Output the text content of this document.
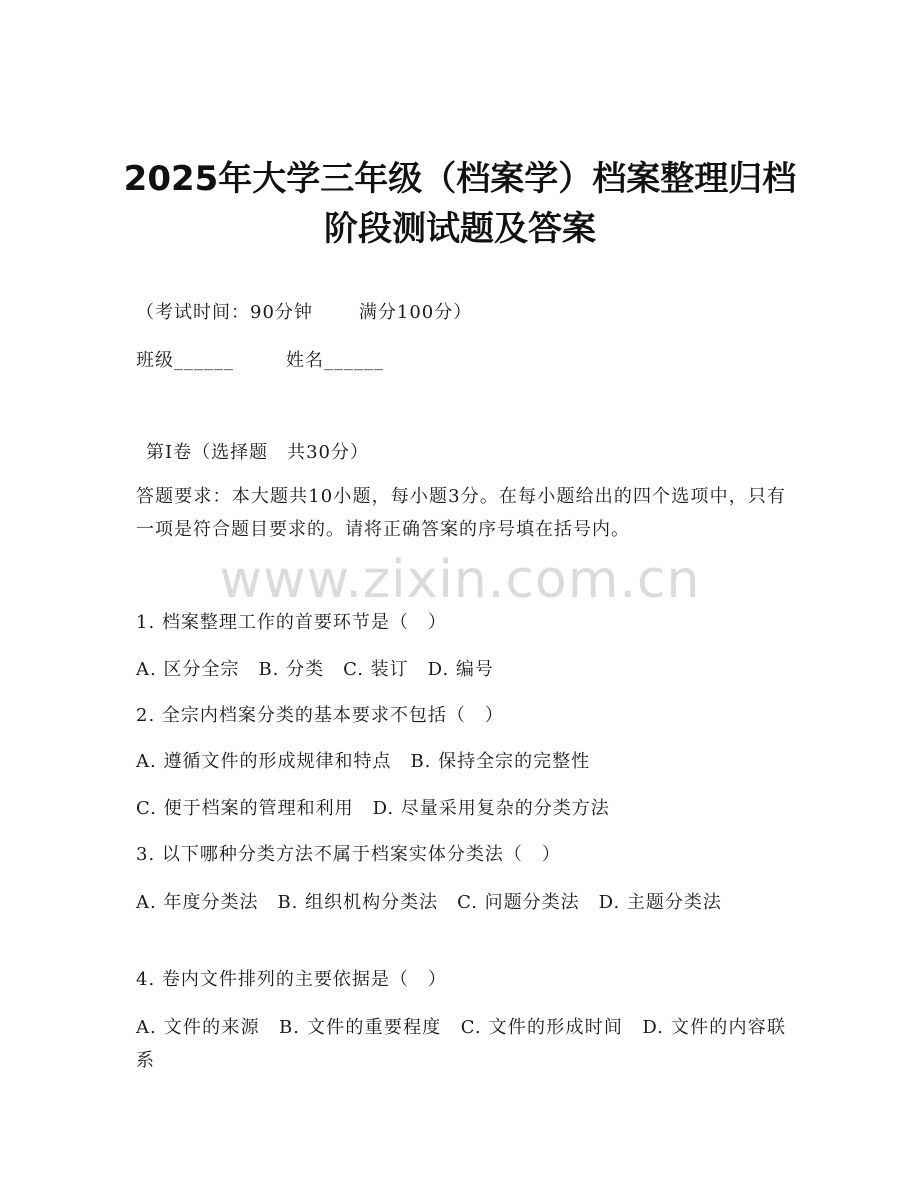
2025年大学三年级（档案学）档案整理归档
阶段测试题及答案
（考试时间：90分钟	满分100分）
班级______	姓名______
第I卷（选择题　共30分）
答题要求：本大题共10小题，每小题3分。在每小题给出的四个选项中，只有一项是符合题目要求的。请将正确答案的序号填在括号内。
1. 档案整理工作的首要环节是（　）
A. 区分全宗　B. 分类　C. 装订　D. 编号
2. 全宗内档案分类的基本要求不包括（　）
A. 遵循文件的形成规律和特点　B. 保持全宗的完整性
C. 便于档案的管理和利用　D. 尽量采用复杂的分类方法
3. 以下哪种分类方法不属于档案实体分类法（　）
A. 年度分类法　B. 组织机构分类法　C. 问题分类法　D. 主题分类法
4. 卷内文件排列的主要依据是（　）
A. 文件的来源　B. 文件的重要程度　C. 文件的形成时间　D. 文件的内容联系
www.zixin.com.cn
